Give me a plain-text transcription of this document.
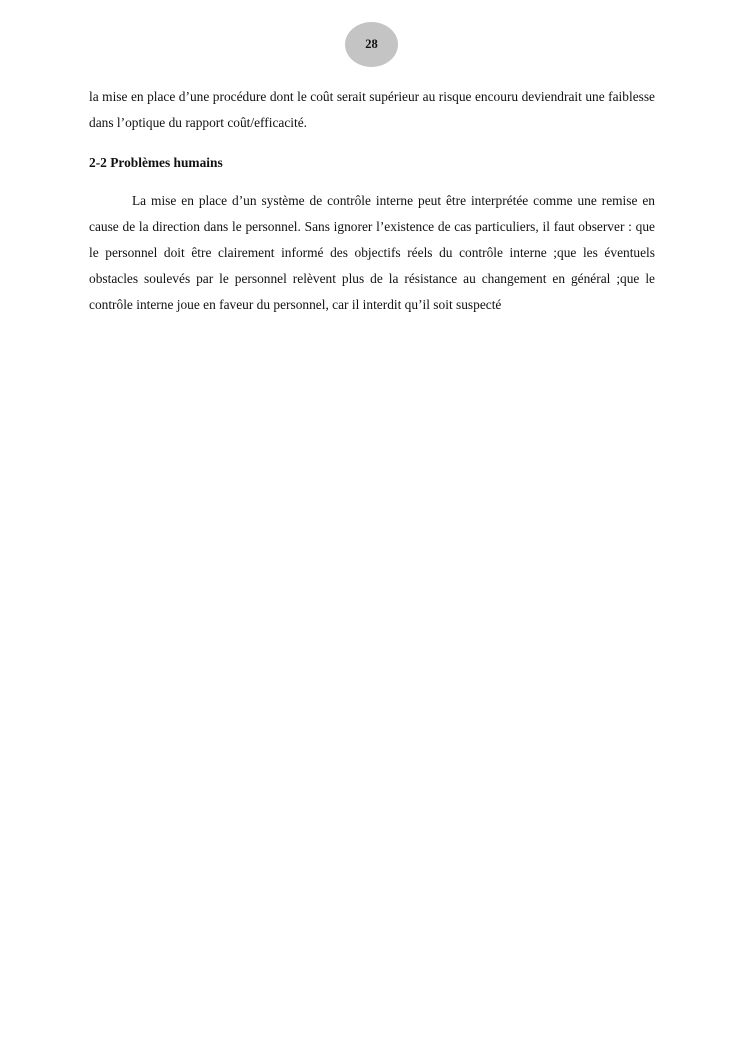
28

la mise en place d’une procédure dont le coût serait supérieur au risque encouru deviendrait une faiblesse dans l’optique du rapport coût/efficacité.

2-2 Problèmes humains

La mise en place d’un système de contrôle interne peut être interprétée comme une remise en cause de la direction dans le personnel. Sans ignorer l’existence de cas particuliers, il faut observer : que le personnel doit être clairement informé des objectifs réels du contrôle interne ;que les éventuels obstacles soulevés par le personnel relèvent plus de la résistance au changement en général ;que le contrôle interne joue en faveur du personnel, car il interdit qu’il soit suspecté
